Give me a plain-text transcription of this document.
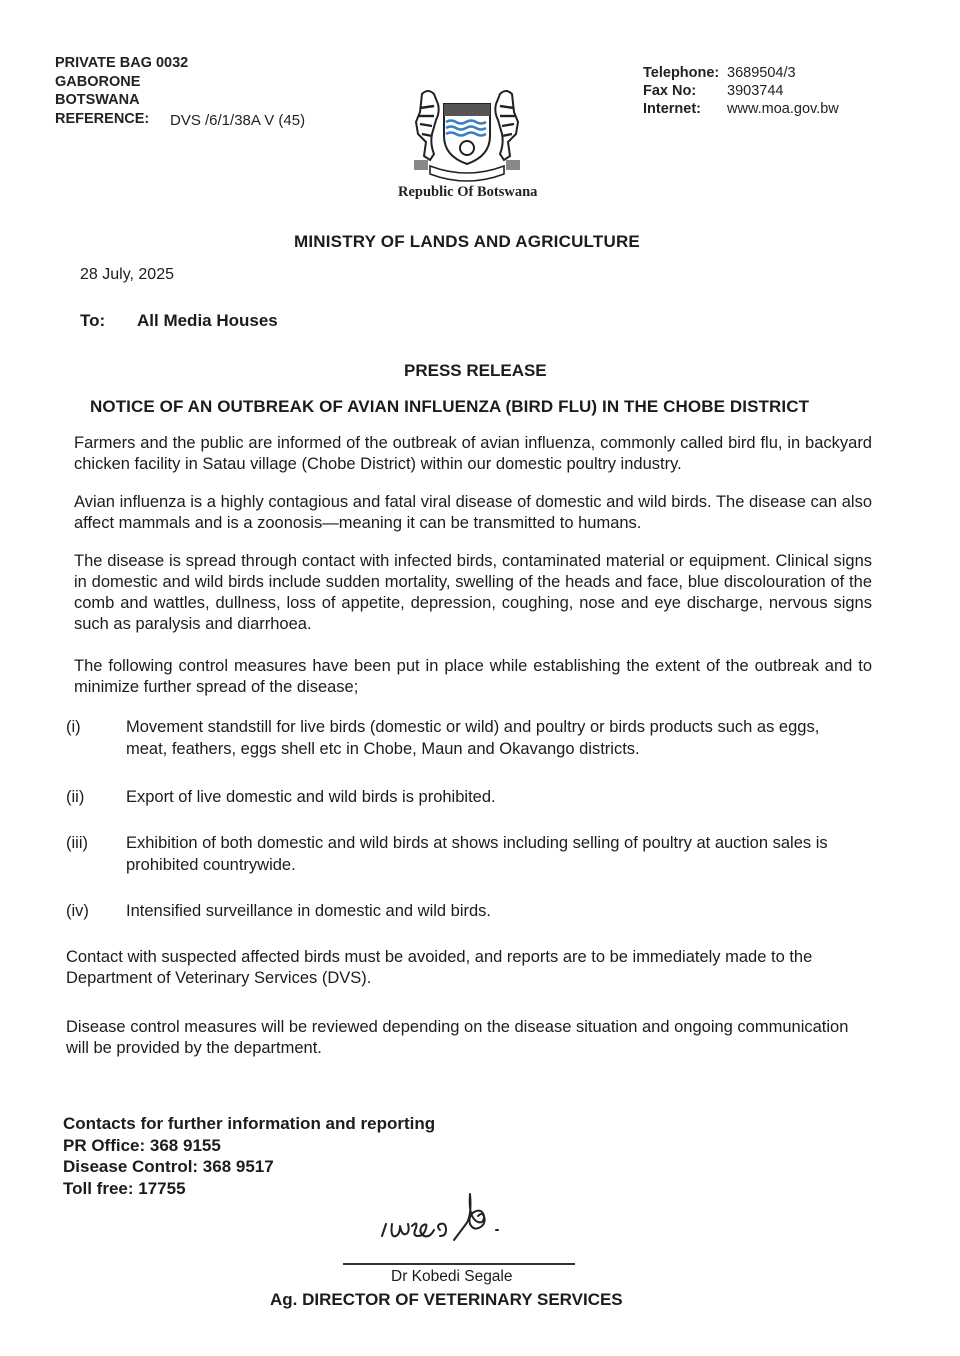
PRIVATE BAG 0032
GABORONE
BOTSWANA
REFERENCE:	DVS /6/1/38A V (45)
Telephone: 3689504/3
Fax No:	3903744
Internet:	www.moa.gov.bw
Republic Of Botswana
MINISTRY OF LANDS AND AGRICULTURE
28 July, 2025
To:	All Media Houses
PRESS RELEASE
NOTICE OF AN OUTBREAK OF AVIAN INFLUENZA (BIRD FLU) IN THE CHOBE DISTRICT

Farmers and the public are informed of the outbreak of avian influenza, commonly called bird flu, in backyard chicken facility in Satau village (Chobe District) within our domestic poultry industry.

Avian influenza is a highly contagious and fatal viral disease of domestic and wild birds. The disease can also affect mammals and is a zoonosis—meaning it can be transmitted to humans.

The disease is spread through contact with infected birds, contaminated material or equipment. Clinical signs in domestic and wild birds include sudden mortality, swelling of the heads and face, blue discolouration of the comb and wattles, dullness, loss of appetite, depression, coughing, nose and eye discharge, nervous signs such as paralysis and diarrhoea.

The following control measures have been put in place while establishing the extent of the outbreak and to minimize further spread of the disease;

(i)	Movement standstill for live birds (domestic or wild) and poultry or birds products such as eggs, meat, feathers, eggs shell etc in Chobe, Maun and Okavango districts.
(ii)	Export of live domestic and wild birds is prohibited.
(iii)	Exhibition of both domestic and wild birds at shows including selling of poultry at auction sales is prohibited countrywide.
(iv)	Intensified surveillance in domestic and wild birds.

Contact with suspected affected birds must be avoided, and reports are to be immediately made to the Department of Veterinary Services (DVS).

Disease control measures will be reviewed depending on the disease situation and ongoing communication will be provided by the department.

Contacts for further information and reporting
PR Office: 368 9155
Disease Control: 368 9517
Toll free: 17755
Dr Kobedi Segale
Ag. DIRECTOR OF VETERINARY SERVICES
